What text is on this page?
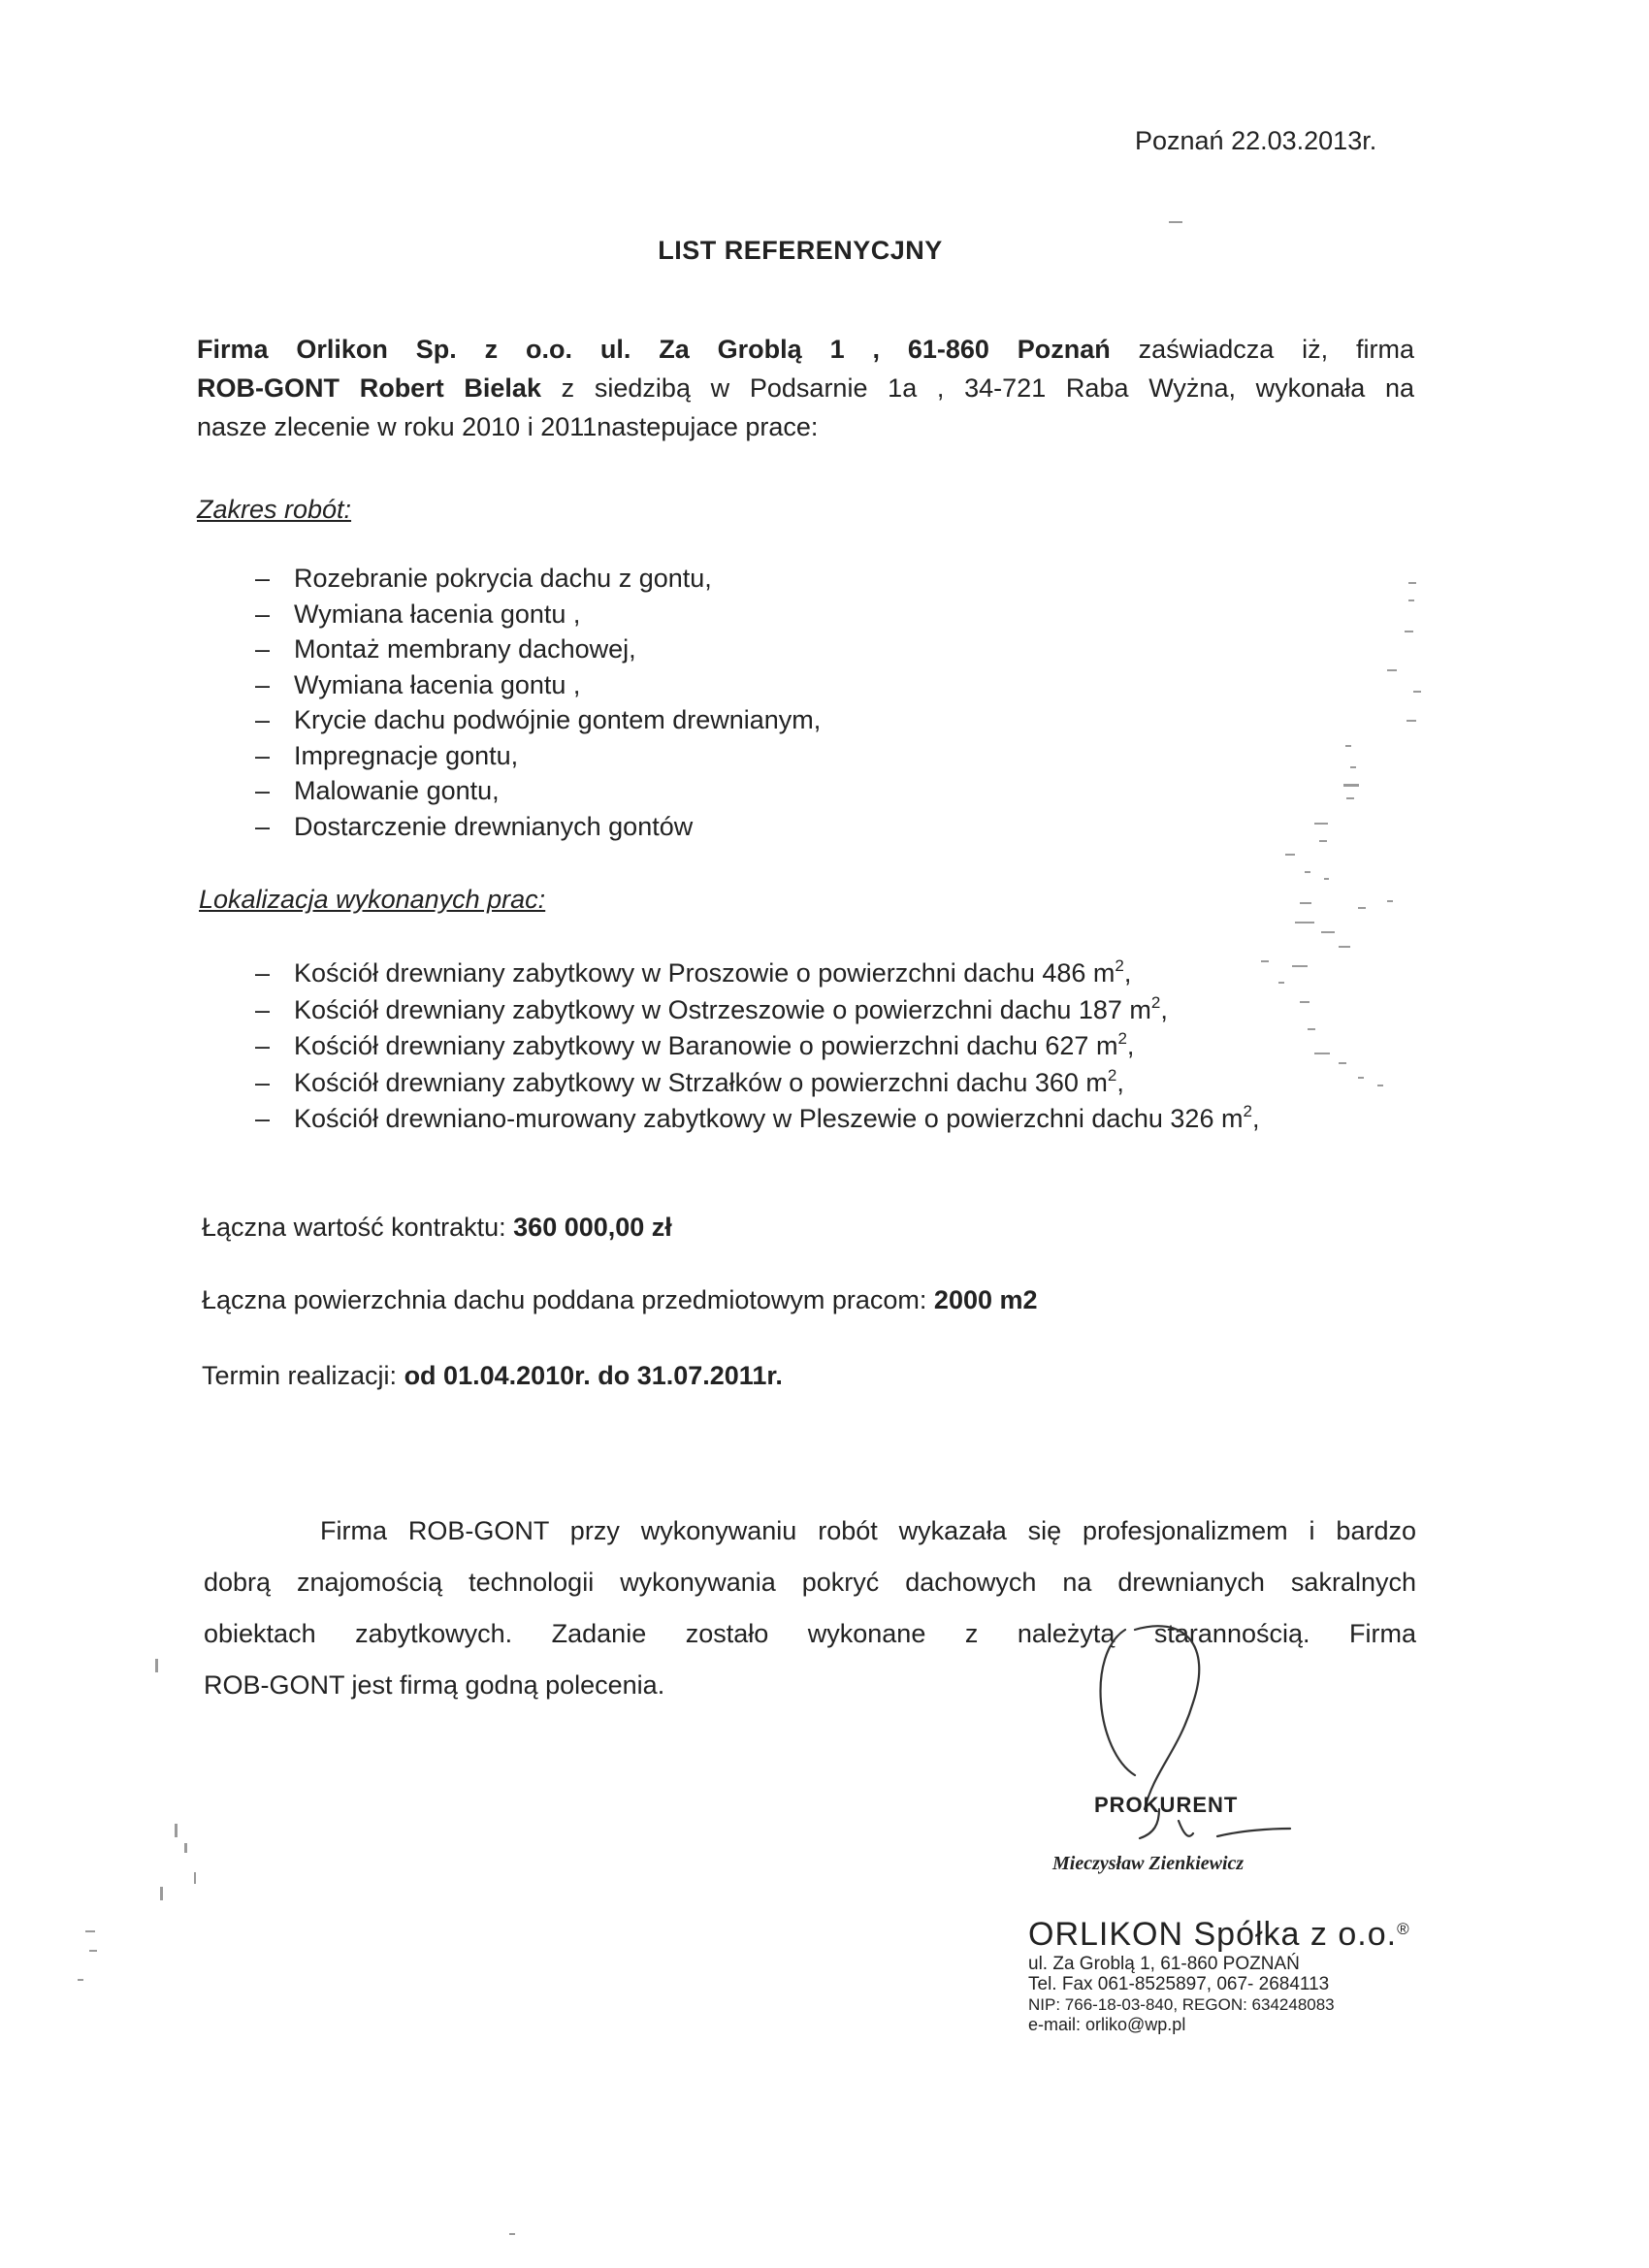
Poznań 22.03.2013r.
LIST REFERENYCJNY
Firma Orlikon Sp. z o.o. ul. Za Groblą 1 , 61-860 Poznań zaświadcza iż, firma
ROB-GONT Robert Bielak z siedzibą w Podsarnie 1a , 34-721 Raba Wyżna, wykonała na
nasze zlecenie w roku 2010 i 2011nastepujace prace:
Zakres robót:
– Rozebranie pokrycia dachu z gontu,
– Wymiana łacenia gontu ,
– Montaż membrany dachowej,
– Wymiana łacenia gontu ,
– Krycie dachu podwójnie gontem drewnianym,
– Impregnacje gontu,
– Malowanie gontu,
– Dostarczenie drewnianych gontów
Lokalizacja wykonanych prac:
– Kościół drewniany zabytkowy w Proszowie o powierzchni dachu 486 $m^2$,
– Kościół drewniany zabytkowy w Ostrzeszowie o powierzchni dachu 187 $m^2$,
– Kościół drewniany zabytkowy w Baranowie o powierzchni dachu 627 $m^2$,
– Kościół drewniany zabytkowy w Strzałków o powierzchni dachu 360 $m^2$,
– Kościół drewniano-murowany zabytkowy w Pleszewie o powierzchni dachu 326 $m^2$,
Łączna wartość kontraktu: 360 000,00 zł
Łączna powierzchnia dachu poddana przedmiotowym pracom: 2000 m2
Termin realizacji: od 01.04.2010r. do 31.07.2011r.
Firma ROB-GONT przy wykonywaniu robót wykazała się profesjonalizmem i bardzo
dobrą znajomością technologii wykonywania pokryć dachowych na drewnianych sakralnych
obiektach zabytkowych. Zadanie zostało wykonane z należytą starannością. Firma
ROB-GONT jest firmą godną polecenia.
PROKURENT
Mieczysław Zienkiewicz
ORLIKON Spółka z o.o.®
ul. Za Groblą 1, 61-860 POZNAŃ
Tel. Fax 061-8525897, 067- 2684113
NIP: 766-18-03-840, REGON: 634248083
e-mail: orliko@wp.pl
